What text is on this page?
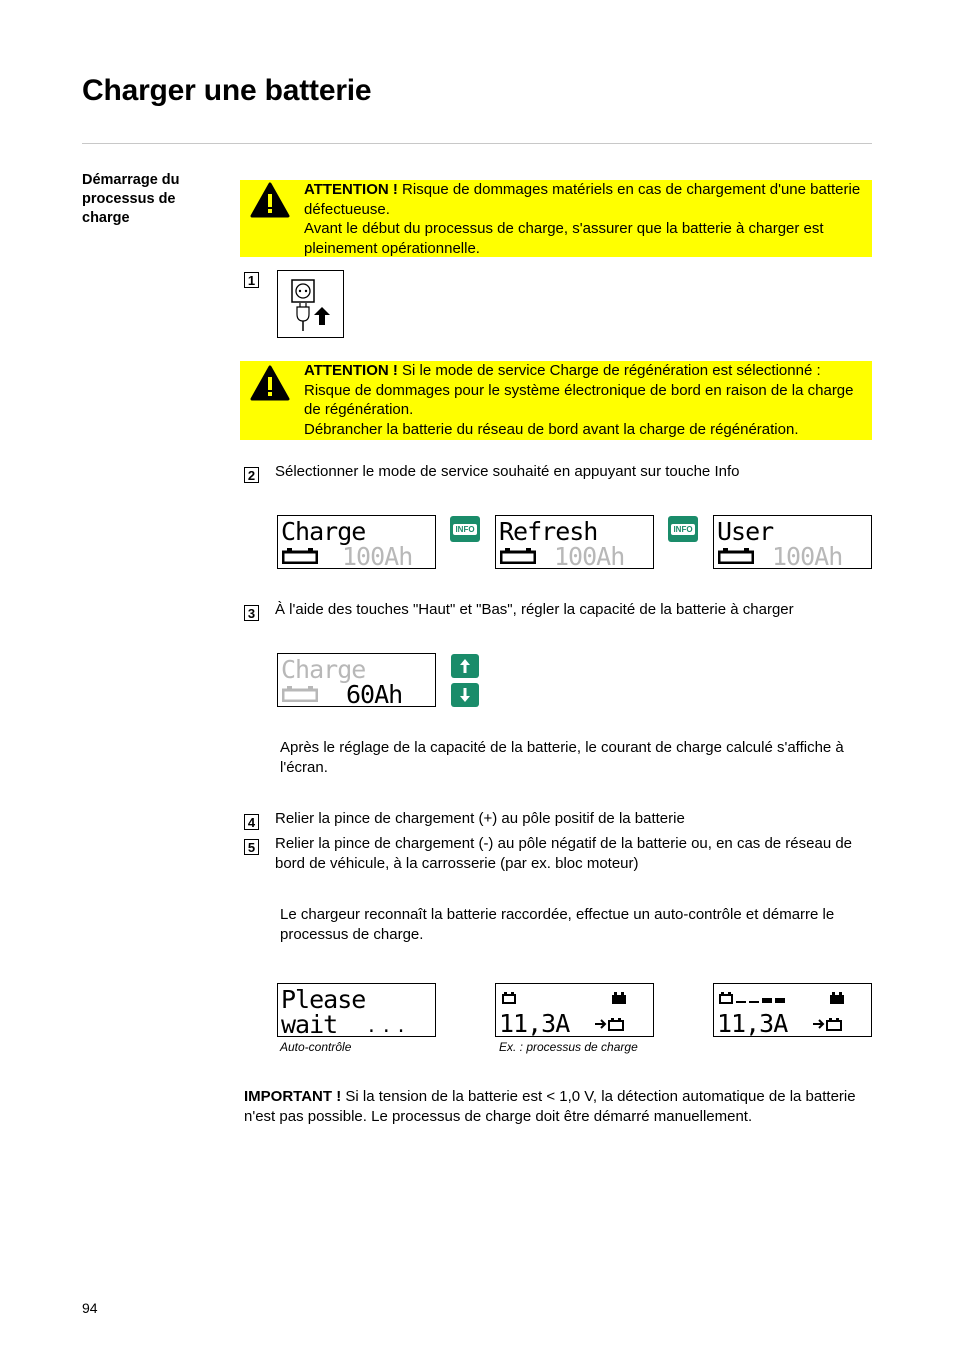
Charger une batterie
Démarrage du processus de charge
ATTENTION ! Risque de dommages matériels en cas de chargement d'une batterie défectueuse.
Avant le début du processus de charge, s'assurer que la batterie à charger est pleinement opérationnelle.
1
ATTENTION ! Si le mode de service Charge de régénération est sélectionné :
Risque de dommages pour le système électronique de bord en raison de la charge de régénération.
Débrancher la batterie du réseau de bord avant la charge de régénération.
2 Sélectionner le mode de service souhaité en appuyant sur touche Info
Charge
100Ah
INFO Refresh
100Ah
INFO User
100Ah
3 À l'aide des touches "Haut" et "Bas", régler la capacité de la batterie à charger
Charge
60Ah
Après le réglage de la capacité de la batterie, le courant de charge calculé s'affiche à l'écran.
4 Relier la pince de chargement (+) au pôle positif de la batterie
5 Relier la pince de chargement (-) au pôle négatif de la batterie ou, en cas de réseau de bord de véhicule, à la carrosserie (par ex. bloc moteur)
Le chargeur reconnaît la batterie raccordée, effectue un auto-contrôle et démarre le processus de charge.
Please
wait ...
Auto-contrôle
11,3A
Ex. : processus de charge
11,3A
IMPORTANT ! Si la tension de la batterie est < 1,0 V, la détection automatique de la batterie n'est pas possible. Le processus de charge doit être démarré manuellement.
94
